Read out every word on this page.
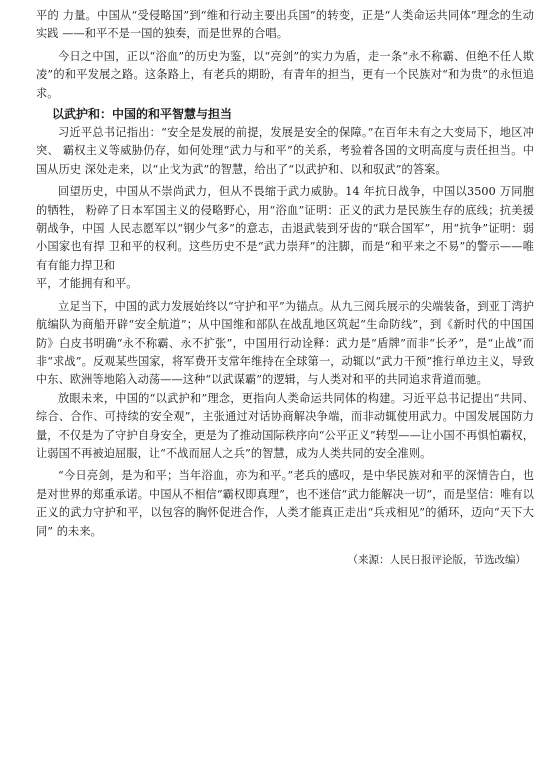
平的 力量。中国从“受侵略国”到“维和行动主要出兵国”的转变，正是“人类命运共同体”理念的生动实践 ——和平不是一国的独奏，而是世界的合唱。

今日之中国，正以“浴血”的历史为鉴，以“亮剑”的实力为盾，走一条“永不称霸、但绝不任人欺凌”的和平发展之路。这条路上，有老兵的期盼，有青年的担当，更有一个民族对“和为贵”的永恒追求。

以武护和：中国的和平智慧与担当

习近平总书记指出：“安全是发展的前提，发展是安全的保障。”在百年未有之大变局下，地区冲突、 霸权主义等威胁仍存，如何处理“武力与和平”的关系，考验着各国的文明高度与责任担当。中国从历史 深处走来，以“止戈为武”的智慧，给出了“以武护和、以和驭武”的答案。

回望历史，中国从不崇尚武力，但从不畏缩于武力威胁。14 年抗日战争，中国以3500 万同胞的牺牲， 粉碎了日本军国主义的侵略野心，用“浴血”证明：正义的武力是民族生存的底线；抗美援朝战争，中国 人民志愿军以“钢少气多”的意志，击退武装到牙齿的“联合国军”，用“抗争”证明：弱小国家也有捍 卫和平的权利。这些历史不是“武力崇拜”的注脚，而是“和平来之不易”的警示——唯有有能力捍卫和

平，才能拥有和平。

立足当下，中国的武力发展始终以“守护和平”为锚点。从九三阅兵展示的尖端装备，到亚丁湾护航编队为商船开辟“安全航道”；从中国维和部队在战乱地区筑起“生命防线”，到《新时代的中国国防》白皮书明确“永不称霸、永不扩张”，中国用行动诠释：武力是“盾牌”而非“长矛”，是“止战”而非“求战”。反观某些国家，将军费开支常年维持在全球第一，动辄以“武力干预”推行单边主义，导致中东、欧洲等地陷入动荡——这种“以武谋霸”的逻辑，与人类对和平的共同追求背道而驰。

放眼未来，中国的“以武护和”理念，更指向人类命运共同体的构建。习近平总书记提出“共同、综合、合作、可持续的安全观”，主张通过对话协商解决争端，而非动辄使用武力。中国发展国防力量，不仅是为了守护自身安全，更是为了推动国际秩序向“公平正义”转型——让小国不再惧怕霸权，让弱国不再被迫屈服，让“不战而屈人之兵”的智慧，成为人类共同的安全准则。

“今日亮剑，是为和平；当年浴血，亦为和平。”老兵的感叹，是中华民族对和平的深情告白，也是对世界的郑重承诺。中国从不相信“霸权即真理”，也不迷信“武力能解决一切”，而是坚信：唯有以正义的武力守护和平，以包容的胸怀促进合作，人类才能真正走出“兵戎相见”的循环，迈向“天下大同” 的未来。

（来源：人民日报评论版，节选改编）
